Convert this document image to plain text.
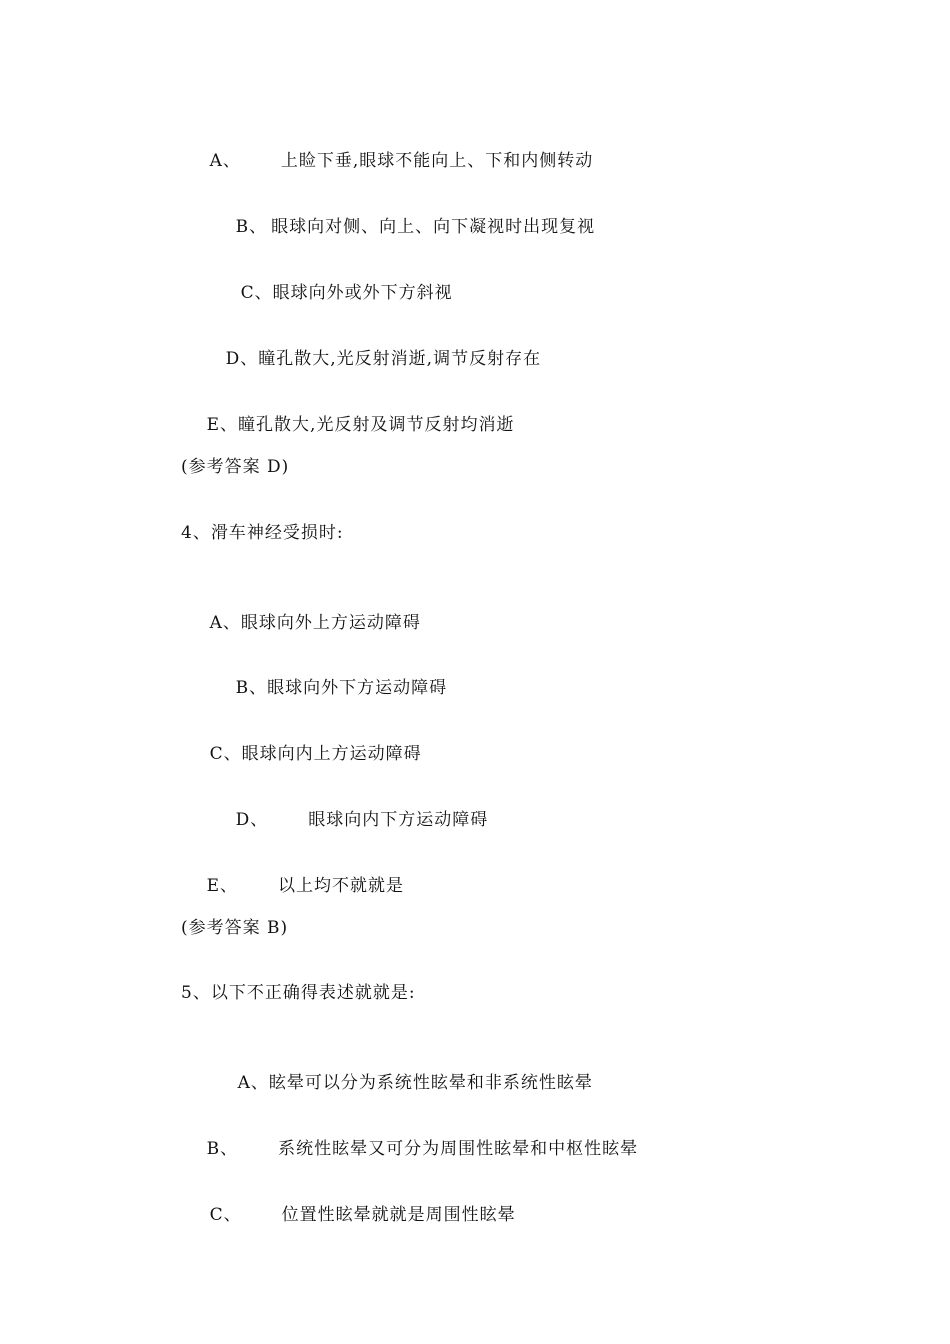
A、 上睑下垂,眼球不能向上、下和内侧转动

B、 眼球向对侧、向上、向下凝视时出现复视

C、眼球向外或外下方斜视

D、瞳孔散大,光反射消逝,调节反射存在

E、瞳孔散大,光反射及调节反射均消逝

(参考答案 D)
4、滑车神经受损时:

A、眼球向外上方运动障碍

B、眼球向外下方运动障碍

C、眼球向内上方运动障碍

D、 眼球向内下方运动障碍

E、 以上均不就就是

(参考答案 B)
5、以下不正确得表述就就是:

A、眩晕可以分为系统性眩晕和非系统性眩晕

B、 系统性眩晕又可分为周围性眩晕和中枢性眩晕

C、 位置性眩晕就就是周围性眩晕
